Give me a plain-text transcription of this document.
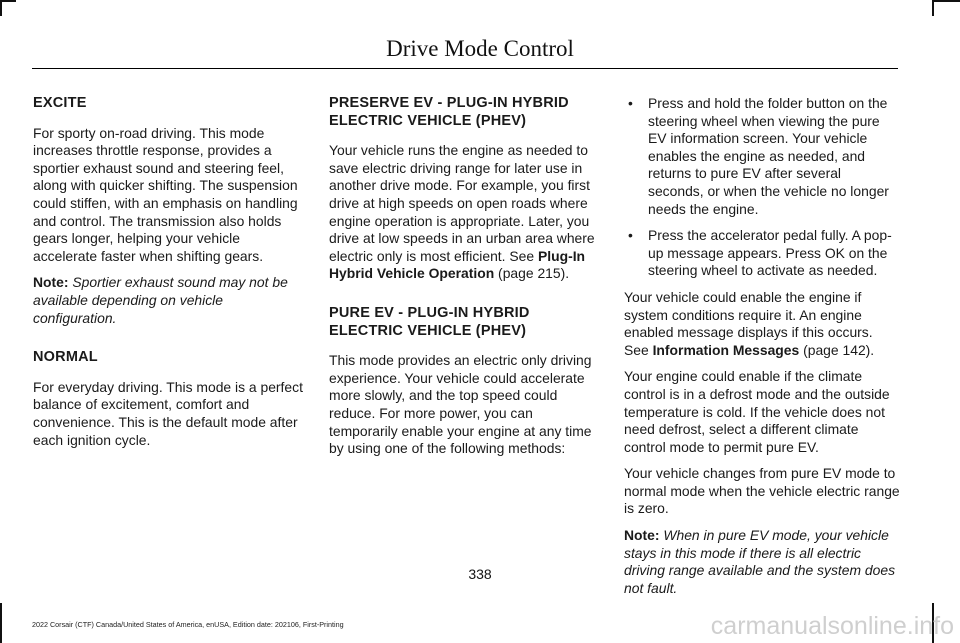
Drive Mode Control
EXCITE

For sporty on-road driving. This mode increases throttle response, provides a sportier exhaust sound and steering feel, along with quicker shifting. The suspension could stiffen, with an emphasis on handling and control. The transmission also holds gears longer, helping your vehicle accelerate faster when shifting gears.

Note: Sportier exhaust sound may not be available depending on vehicle configuration.

NORMAL

For everyday driving. This mode is a perfect balance of excitement, comfort and convenience. This is the default mode after each ignition cycle.

PRESERVE EV - PLUG-IN HYBRID ELECTRIC VEHICLE (PHEV)

Your vehicle runs the engine as needed to save electric driving range for later use in another drive mode. For example, you first drive at high speeds on open roads where engine operation is appropriate. Later, you drive at low speeds in an urban area where electric only is most efficient. See Plug-In Hybrid Vehicle Operation (page 215).

PURE EV - PLUG-IN HYBRID ELECTRIC VEHICLE (PHEV)

This mode provides an electric only driving experience. Your vehicle could accelerate more slowly, and the top speed could reduce. For more power, you can temporarily enable your engine at any time by using one of the following methods:

• Press and hold the folder button on the steering wheel when viewing the pure EV information screen. Your vehicle enables the engine as needed, and returns to pure EV after several seconds, or when the vehicle no longer needs the engine.
• Press the accelerator pedal fully. A pop-up message appears. Press OK on the steering wheel to activate as needed.

Your vehicle could enable the engine if system conditions require it. An engine enabled message displays if this occurs. See Information Messages (page 142).

Your engine could enable if the climate control is in a defrost mode and the outside temperature is cold. If the vehicle does not need defrost, select a different climate control mode to permit pure EV.

Your vehicle changes from pure EV mode to normal mode when the vehicle electric range is zero.

Note: When in pure EV mode, your vehicle stays in this mode if there is all electric driving range available and the system does not fault.

338
2022 Corsair (CTF) Canada/United States of America, enUSA, Edition date: 202106, First-Printing	carmanualsonline.info
